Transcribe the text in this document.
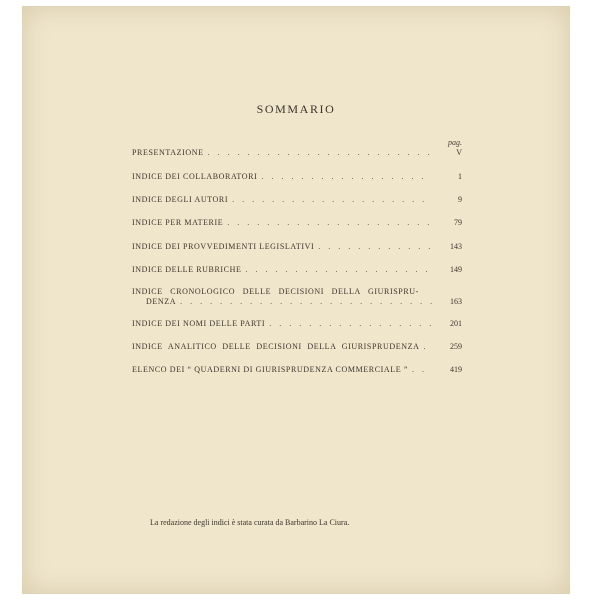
SOMMARIO
pag.
PRESENTAZIONE . . .	V
INDICE DEI COLLABORATORI . . .	1
INDICE DEGLI AUTORI . . .	9
INDICE PER MATERIE . . .	79
INDICE DEI PROVVEDIMENTI LEGISLATIVI . . .	143
INDICE DELLE RUBRICHE . . .	149
INDICE CRONOLOGICO DELLE DECISIONI DELLA GIURISPRU-
DENZA . . .	163
INDICE DEI NOMI DELLE PARTI . . .	201
INDICE ANALITICO DELLE DECISIONI DELLA GIURISPRUDENZA . . .	259
ELENCO DEI “ QUADERNI DI GIURISPRUDENZA COMMERCIALE ” . . .	419
La redazione degli indici è stata curata da Barbarino La Ciura.
